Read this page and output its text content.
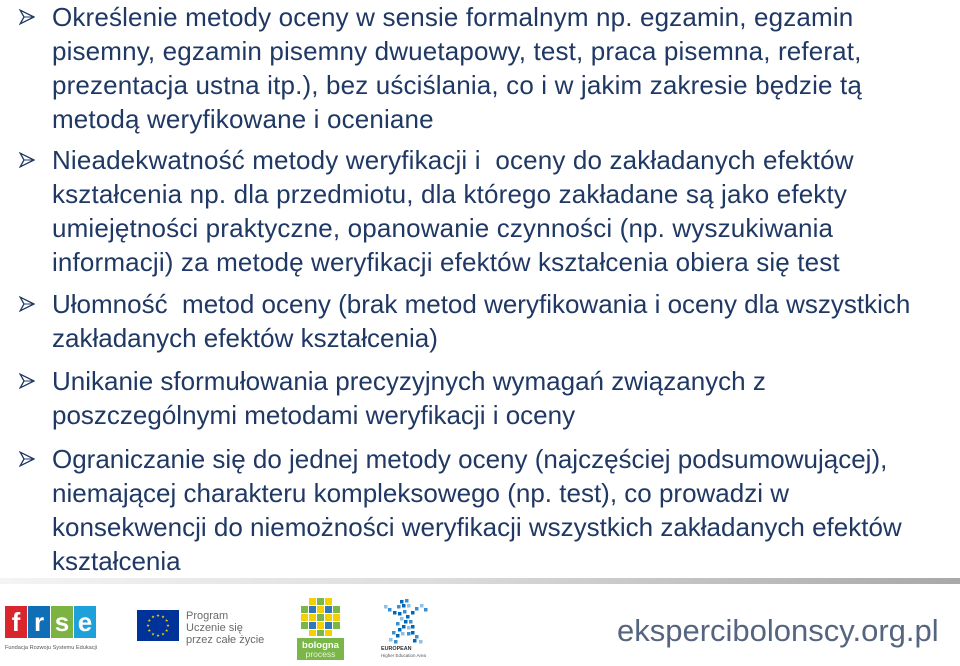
Określenie metody oceny w sensie formalnym np. egzamin, egzamin
pisemny, egzamin pisemny dwuetapowy, test, praca pisemna, referat,
prezentacja ustna itp.), bez uściślania, co i w jakim zakresie będzie tą
metodą weryfikowane i oceniane
Nieadekwatność metody weryfikacji i  oceny do zakładanych efektów
kształcenia np. dla przedmiotu, dla którego zakładane są jako efekty
umiejętności praktyczne, opanowanie czynności (np. wyszukiwania
informacji) za metodę weryfikacji efektów kształcenia obiera się test
Ułomność  metod oceny (brak metod weryfikowania i oceny dla wszystkich
zakładanych efektów kształcenia)
Unikanie sformułowania precyzyjnych wymagań związanych z
poszczególnymi metodami weryfikacji i oceny
Ograniczanie się do jednej metody oceny (najczęściej podsumowującej),
niemającej charakteru kompleksowego (np. test), co prowadzi w
konsekwencji do niemożności weryfikacji wszystkich zakładanych efektów
kształcenia
f r s e
Fundacja Rozwoju Systemu Edukacji
Program
Uczenie się
przez całe życie	bologna
process	EUROPEAN
Higher Education Area
ekspercibolonscy.org.pl
